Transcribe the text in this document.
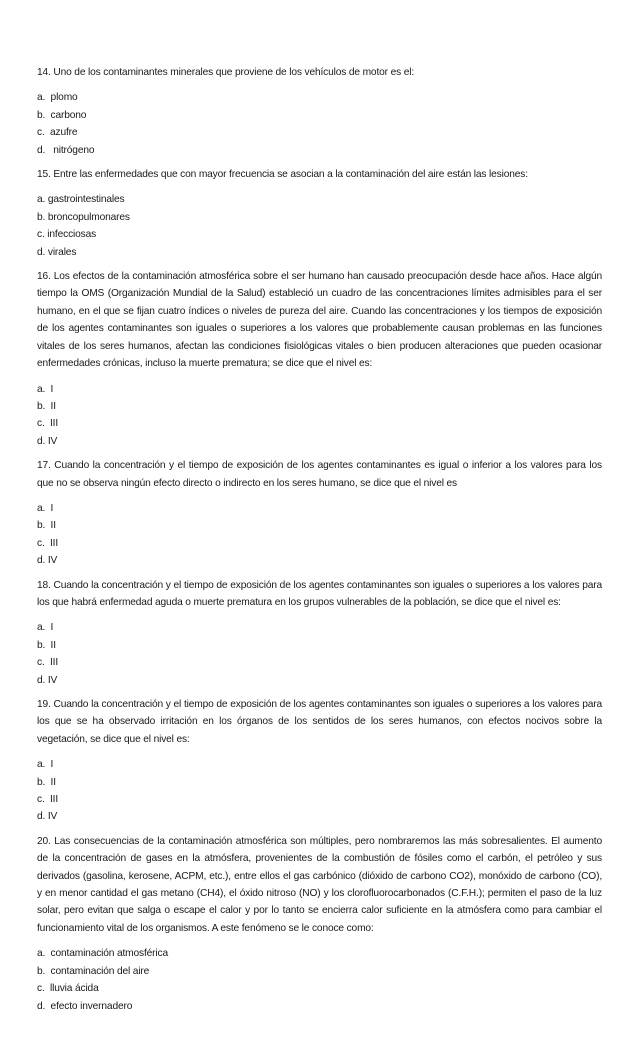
14. Uno de los contaminantes minerales que proviene de los vehículos de motor es el:

a.  plomo
b.  carbono
c.  azufre
d.   nitrógeno

15. Entre las enfermedades que con mayor frecuencia se asocian a la contaminación del aire están las lesiones:

a. gastrointestinales
b. broncopulmonares
c. infecciosas
d. virales

16. Los efectos de la contaminación atmosférica sobre el ser humano han causado preocupación desde hace años. Hace algún tiempo la OMS (Organización Mundial de la Salud) estableció un cuadro de las concentraciones límites admisibles para el ser humano, en el que se fijan cuatro índices o niveles de pureza del aire. Cuando las concentraciones y los tiempos de exposición de los agentes contaminantes son iguales o superiores a los valores que probablemente causan problemas en las funciones vitales de los seres humanos, afectan las condiciones fisiológicas vitales o bien producen alteraciones que pueden ocasionar enfermedades crónicas, incluso la muerte prematura; se dice que el nivel es:

a.  I
b.  II
c.  III
d. IV

17. Cuando la concentración y el tiempo de exposición de los agentes contaminantes es igual o inferior a los valores para los que no se observa ningún efecto directo o indirecto en los seres humano, se dice que el nivel es

a.  I
b.  II
c.  III
d. IV

18. Cuando la concentración y el tiempo de exposición de los agentes contaminantes son iguales o superiores a los valores para los que habrá enfermedad aguda o muerte prematura en los grupos vulnerables de la población, se dice que el nivel es:

a.  I
b.  II
c.  III
d. IV

19. Cuando la concentración y el tiempo de exposición de los agentes contaminantes son iguales o superiores a los valores para los que se ha observado irritación en los órganos de los sentidos de los seres humanos, con efectos nocivos sobre la vegetación, se dice que el nivel es:

a.  I
b.  II
c.  III
d. IV

20. Las consecuencias de la contaminación atmosférica son múltiples, pero nombraremos las más sobresalientes. El aumento de la concentración de gases en la atmósfera, provenientes de la combustión de fósiles como el carbón, el petróleo y sus derivados (gasolina, kerosene, ACPM, etc.), entre ellos el gas carbónico (dióxido de carbono CO2), monóxido de carbono (CO), y en menor cantidad el gas metano (CH4), el óxido nitroso (NO) y los clorofluorocarbonados (C.F.H.); permiten el paso de la luz solar, pero evitan que salga o escape el calor y por lo tanto se encierra calor suficiente en la atmósfera como para cambiar el funcionamiento vital de los organismos. A este fenómeno se le conoce como:

a.  contaminación atmosférica
b.  contaminación del aire
c.  lluvia ácida
d.  efecto invernadero
